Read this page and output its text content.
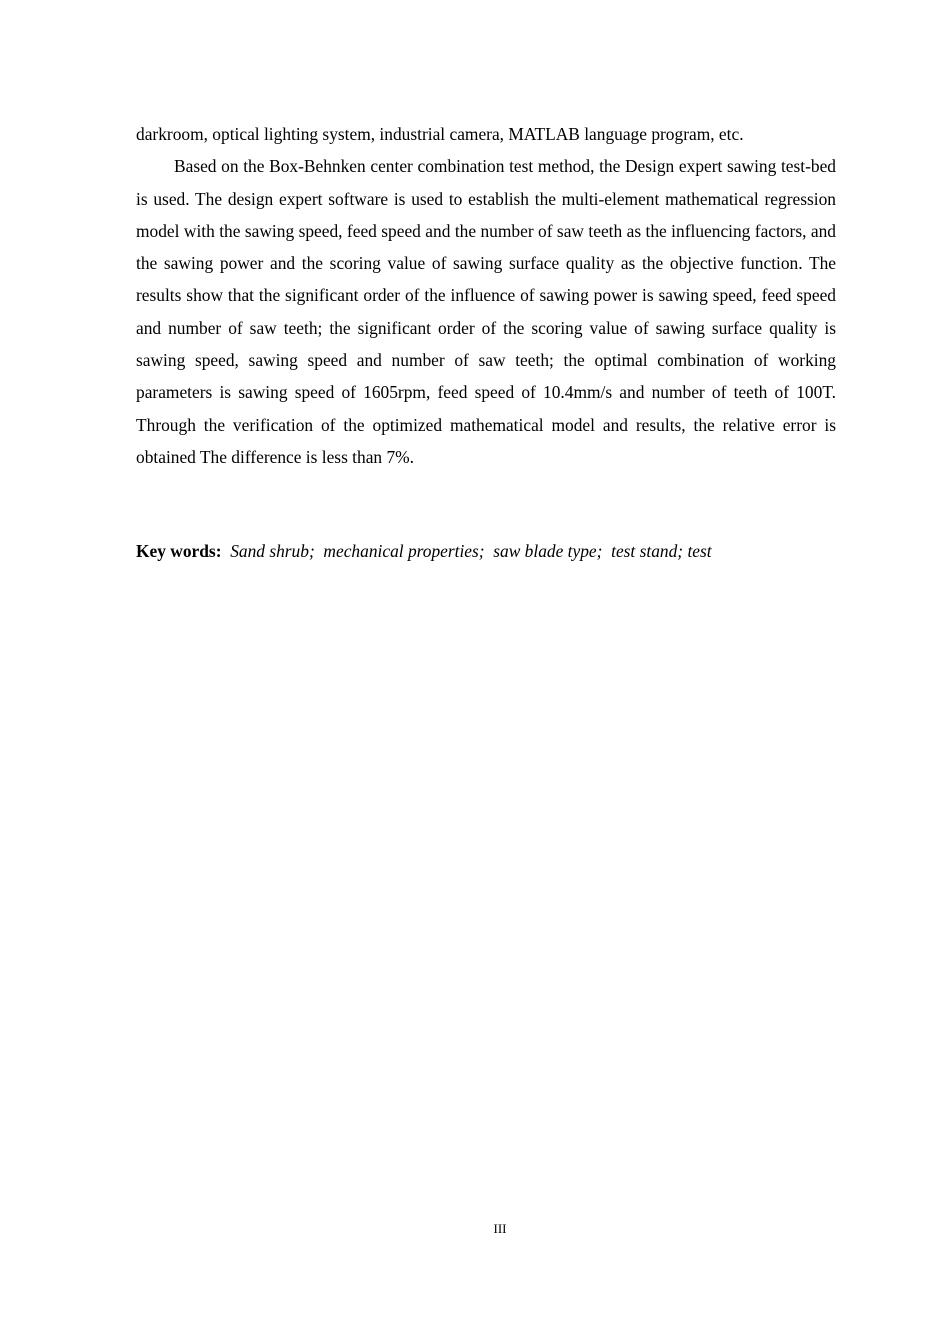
darkroom, optical lighting system, industrial camera, MATLAB language program, etc.

Based on the Box-Behnken center combination test method, the Design expert sawing test-bed is used. The design expert software is used to establish the multi-element mathematical regression model with the sawing speed, feed speed and the number of saw teeth as the influencing factors, and the sawing power and the scoring value of sawing surface quality as the objective function. The results show that the significant order of the influence of sawing power is sawing speed, feed speed and number of saw teeth; the significant order of the scoring value of sawing surface quality is sawing speed, sawing speed and number of saw teeth; the optimal combination of working parameters is sawing speed of 1605rpm, feed speed of 10.4mm/s and number of teeth of 100T. Through the verification of the optimized mathematical model and results, the relative error is obtained The difference is less than 7%.

Key words:  Sand shrub;  mechanical properties;  saw blade type;  test stand; test
III
